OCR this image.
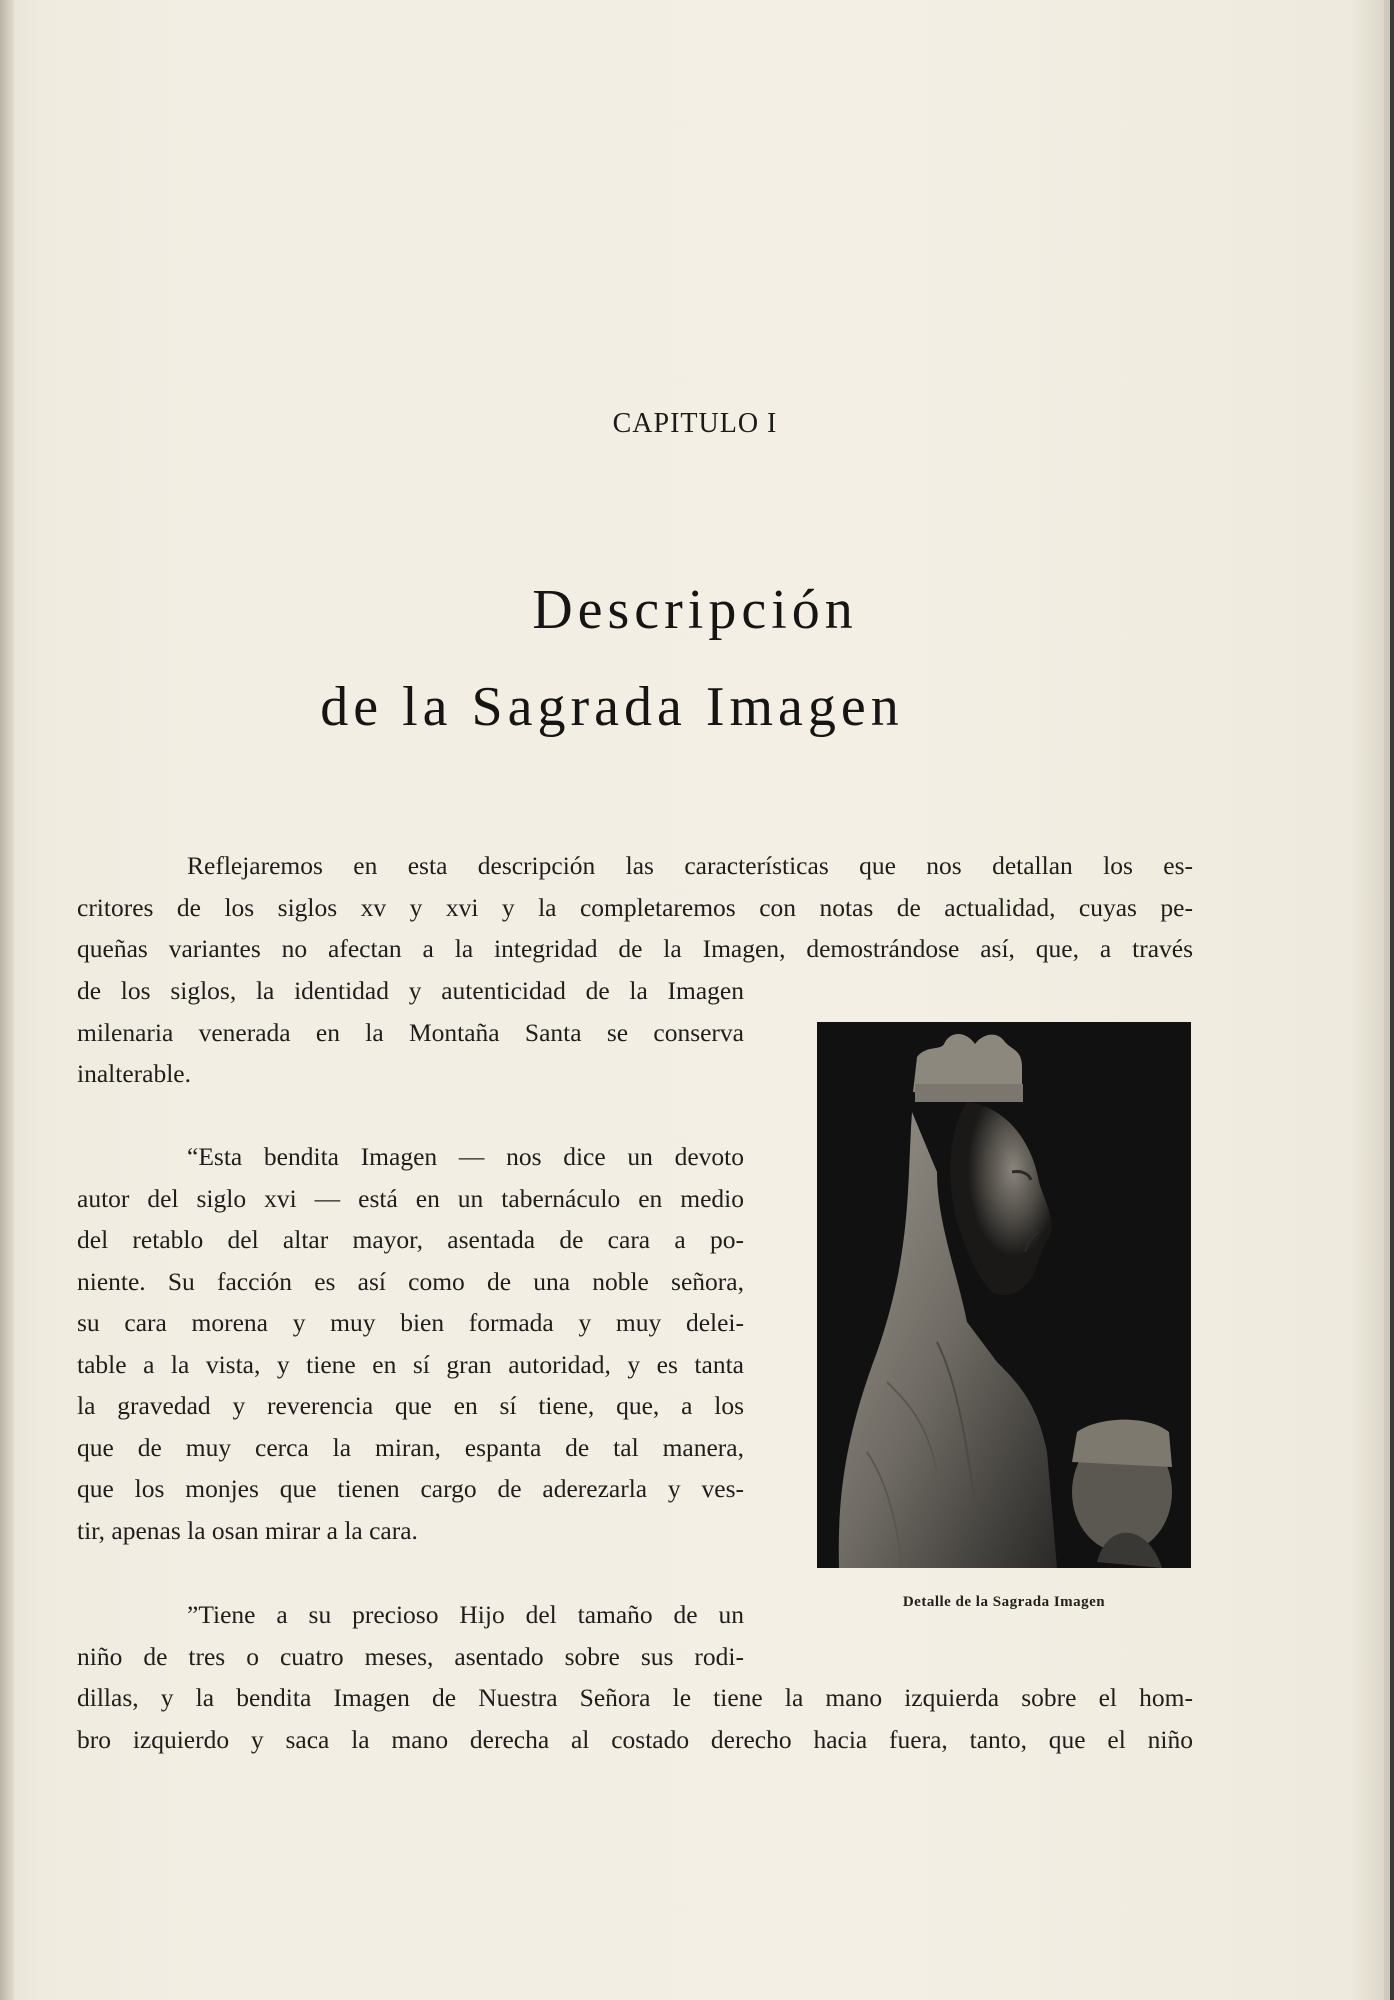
CAPITULO I
Descripción
de la Sagrada Imagen
Reflejaremos en esta descripción las características que nos detallan los es-
critores de los siglos xv y xvi y la completaremos con notas de actualidad, cuyas pe-
queñas variantes no afectan a la integridad de la Imagen, demostrándose así, que, a través
de los siglos, la identidad y autenticidad de la Imagen
milenaria venerada en la Montaña Santa se conserva
inalterable.
“Esta bendita Imagen — nos dice un devoto
autor del siglo xvi — está en un tabernáculo en medio
del retablo del altar mayor, asentada de cara a po-
niente. Su facción es así como de una noble señora,
su cara morena y muy bien formada y muy delei-
table a la vista, y tiene en sí gran autoridad, y es tanta
la gravedad y reverencia que en sí tiene, que, a los
que de muy cerca la miran, espanta de tal manera,
que los monjes que tienen cargo de aderezarla y ves-
tir, apenas la osan mirar a la cara.
”Tiene a su precioso Hijo del tamaño de un
niño de tres o cuatro meses, asentado sobre sus rodi-
dillas, y la bendita Imagen de Nuestra Señora le tiene la mano izquierda sobre el hom-
bro izquierdo y saca la mano derecha al costado derecho hacia fuera, tanto, que el niño
Detalle de la Sagrada Imagen
